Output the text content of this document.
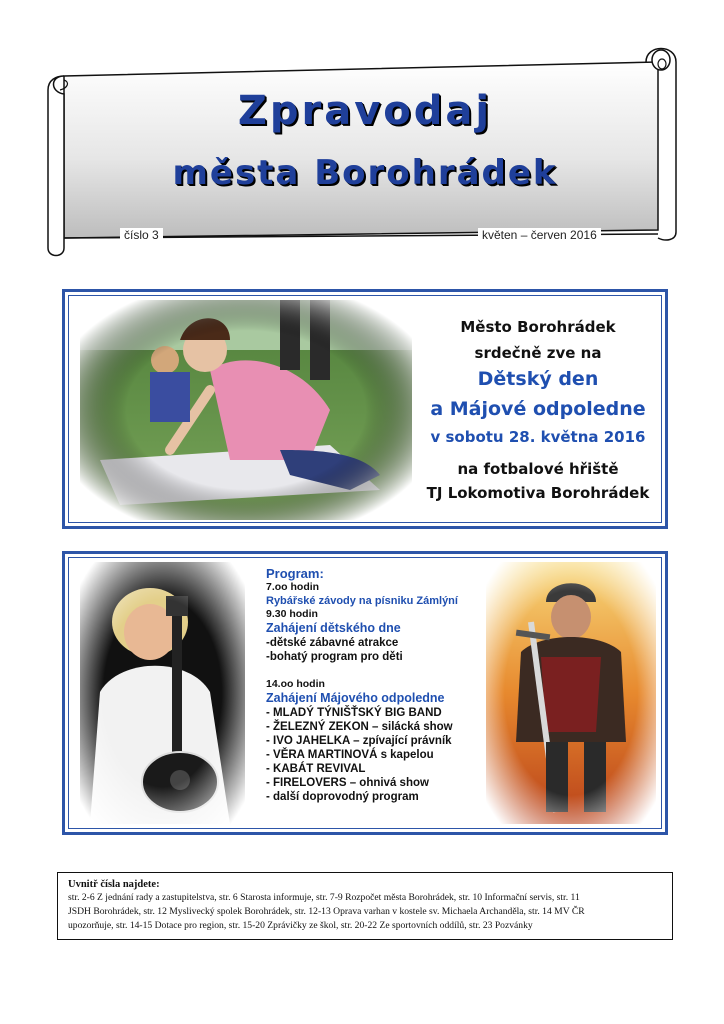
Zpravodaj
města Borohrádek
číslo 3	květen – červen 2016
Město Borohrádek
srdečně zve na
Dětský den
a Májové odpoledne
v sobotu 28. května 2016
na fotbalové hřiště
TJ Lokomotiva Borohrádek
Program:
7.oo hodin
Rybářské závody na písniku Zámlýní
9.30 hodin
Zahájení dětského dne
-dětské zábavné atrakce
-bohatý program pro děti
14.oo hodin
Zahájení Májového odpoledne
- MLADÝ TÝNIŠŤSKÝ BIG BAND
- ŽELEZNÝ ZEKON – silácká show
- IVO JAHELKA – zpívající právník
- VĚRA MARTINOVÁ s kapelou
- KABÁT REVIVAL
- FIRELOVERS – ohnivá show
- další doprovodný program
Uvnitř čísla najdete:
str. 2-6 Z jednání rady a zastupitelstva, str. 6 Starosta informuje, str. 7-9 Rozpočet města Borohrádek, str. 10 Informační servis, str. 11
JSDH Borohrádek, str. 12 Myslivecký spolek Borohrádek, str. 12-13 Oprava varhan v kostele sv. Michaela Archanděla, str. 14 MV ČR
upozorňuje, str. 14-15 Dotace pro region, str. 15-20 Zprávičky ze škol, str. 20-22 Ze sportovních oddílů, str. 23 Pozvánky
